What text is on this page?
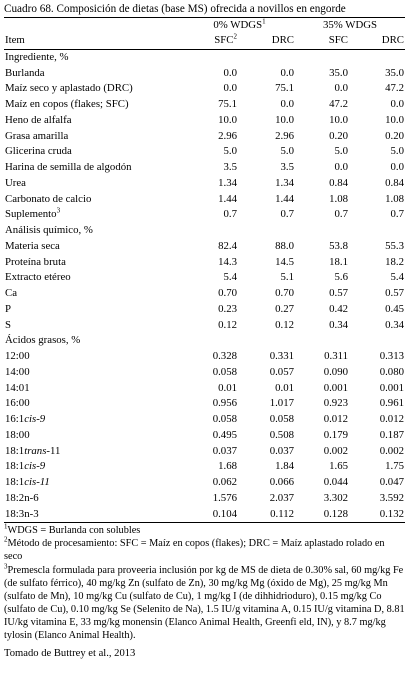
Cuadro 68. Composición de dietas (base MS) ofrecida a novillos en engorde
0% WDGS$^1$	35% WDGS
Item	SFC$^2$	DRC	SFC	DRC
Ingrediente, %
Burlanda	0.0	0.0	35.0	35.0
Maíz seco y aplastado (DRC)	0.0	75.1	0.0	47.2
Maíz en copos (flakes; SFC)	75.1	0.0	47.2	0.0
Heno de alfalfa	10.0	10.0	10.0	10.0
Grasa amarilla	2.96	2.96	0.20	0.20
Glicerina cruda	5.0	5.0	5.0	5.0
Harina de semilla de algodón	3.5	3.5	0.0	0.0
Urea	1.34	1.34	0.84	0.84
Carbonato de calcio	1.44	1.44	1.08	1.08
Suplemento$^3$	0.7	0.7	0.7	0.7
Análisis químico, %
Materia seca	82.4	88.0	53.8	55.3
Proteína bruta	14.3	14.5	18.1	18.2
Extracto etéreo	5.4	5.1	5.6	5.4
Ca	0.70	0.70	0.57	0.57
P	0.23	0.27	0.42	0.45
S	0.12	0.12	0.34	0.34
Ácidos grasos, %
12:00	0.328	0.331	0.311	0.313
14:00	0.058	0.057	0.090	0.080
14:01	0.01	0.01	0.001	0.001
16:00	0.956	1.017	0.923	0.961
16:1cis-9	0.058	0.058	0.012	0.012
18:00	0.495	0.508	0.179	0.187
18:1trans-11	0.037	0.037	0.002	0.002
18:1cis-9	1.68	1.84	1.65	1.75
18:1cis-11	0.062	0.066	0.044	0.047
18:2n-6	1.576	2.037	3.302	3.592
18:3n-3	0.104	0.112	0.128	0.132

$^1$WDGS = Burlanda con solubles

$^2$Método de procesamiento: SFC = Maíz en copos (flakes); DRC = Maíz aplastado rolado en seco

$^3$Premescla formulada para proveeria inclusión por kg de MS de dieta de 0.30% sal, 60 mg/kg Fe (de sulfato férrico), 40 mg/kg Zn (sulfato de Zn), 30 mg/kg Mg (óxido de Mg), 25 mg/kg Mn (sulfato de Mn), 10 mg/kg Cu (sulfato de Cu), 1 mg/kg I (de dihhidrioduro), 0.15 mg/kg Co (sulfato de Cu), 0.10 mg/kg Se (Selenito de Na), 1.5 IU/g vitamina A, 0.15 IU/g vitamina D, 8.81 IU/kg vitamina E, 33 mg/kg monensin (Elanco Animal Health, Greenfi eld, IN), y 8.7 mg/kg tylosin (Elanco Animal Health).

Tomado de Buttrey et al., 2013
